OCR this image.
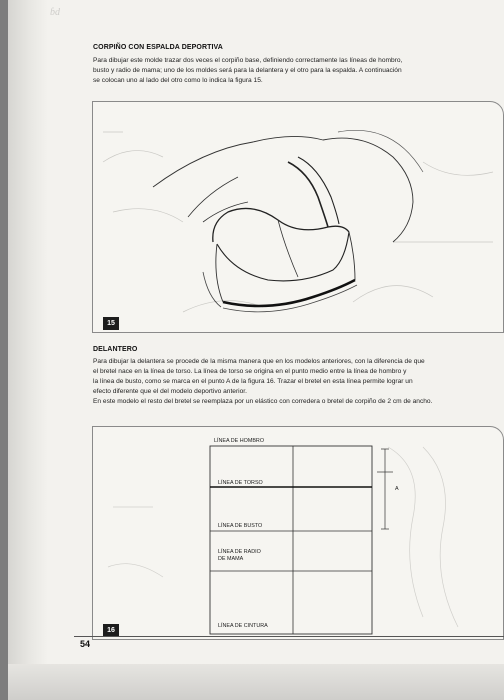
ɓd
CORPIÑO CON ESPALDA DEPORTIVA
Para dibujar este molde trazar dos veces el corpiño base, definiendo correctamente las líneas de hombro,
busto y radio de mama; uno de los moldes será para la delantera y el otro para la espalda. A continuación
se colocan uno al lado del otro como lo indica la figura 15.
15
DELANTERO
Para dibujar la delantera se procede de la misma manera que en los modelos anteriores, con la diferencia de que
el bretel nace en la línea de torso. La línea de torso se origina en el punto medio entre la línea de hombro y
la línea de busto, como se marca en el punto A de la figura 16. Trazar el bretel en esta línea permite lograr un
efecto diferente que el del modelo deportivo anterior.
En este modelo el resto del bretel se reemplaza por un elástico con corredera o bretel de corpiño de 2 cm de ancho.
LÍNEA DE HOMBRO
LÍNEA DE TORSO
LÍNEA DE BUSTO
LÍNEA DE RADIO
DE MAMA
LÍNEA DE CINTURA
A
16
54
